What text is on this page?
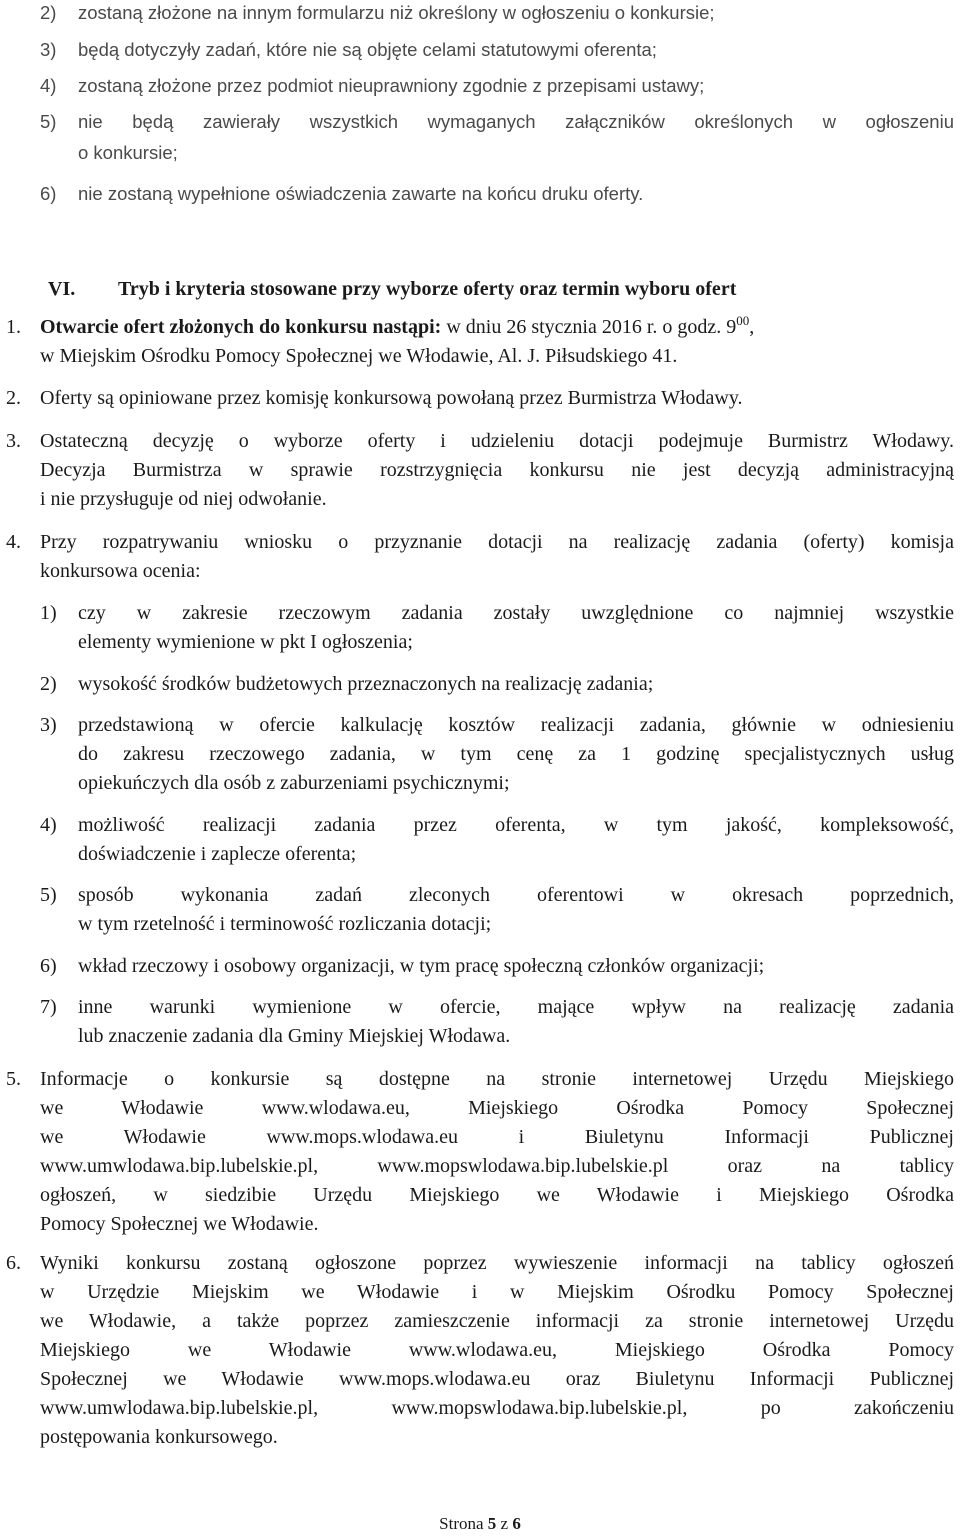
2) zostaną złożone na innym formularzu niż określony w ogłoszeniu o konkursie;
3) będą dotyczyły zadań, które nie są objęte celami statutowymi oferenta;
4) zostaną złożone przez podmiot nieuprawniony zgodnie z przepisami ustawy;
5) nie będą zawierały wszystkich wymaganych załączników określonych w ogłoszeniu
o konkursie;
6) nie zostaną wypełnione oświadczenia zawarte na końcu druku oferty.
VI. Tryb i kryteria stosowane przy wyborze oferty oraz termin wyboru ofert
1. Otwarcie ofert złożonych do konkursu nastąpi: w dniu 26 stycznia 2016 r. o godz. $9^{00}$,
w Miejskim Ośrodku Pomocy Społecznej we Włodawie, Al. J. Piłsudskiego 41.
2. Oferty są opiniowane przez komisję konkursową powołaną przez Burmistrza Włodawy.
3. Ostateczną decyzję o wyborze oferty i udzieleniu dotacji podejmuje Burmistrz Włodawy.
Decyzja Burmistrza w sprawie rozstrzygnięcia konkursu nie jest decyzją administracyjną
i nie przysługuje od niej odwołanie.
4. Przy rozpatrywaniu wniosku o przyznanie dotacji na realizację zadania (oferty) komisja
konkursowa ocenia:
1) czy w zakresie rzeczowym zadania zostały uwzględnione co najmniej wszystkie
elementy wymienione w pkt I ogłoszenia;
2) wysokość środków budżetowych przeznaczonych na realizację zadania;
3) przedstawioną w ofercie kalkulację kosztów realizacji zadania, głównie w odniesieniu
do zakresu rzeczowego zadania, w tym cenę za 1 godzinę specjalistycznych usług
opiekuńczych dla osób z zaburzeniami psychicznymi;
4) możliwość realizacji zadania przez oferenta, w tym jakość, kompleksowość,
doświadczenie i zaplecze oferenta;
5) sposób wykonania zadań zleconych oferentowi w okresach poprzednich,
w tym rzetelność i terminowość rozliczania dotacji;
6) wkład rzeczowy i osobowy organizacji, w tym pracę społeczną członków organizacji;
7) inne warunki wymienione w ofercie, mające wpływ na realizację zadania
lub znaczenie zadania dla Gminy Miejskiej Włodawa.
5. Informacje o konkursie są dostępne na stronie internetowej Urzędu Miejskiego
we Włodawie www.wlodawa.eu, Miejskiego Ośrodka Pomocy Społecznej
we Włodawie www.mops.wlodawa.eu i Biuletynu Informacji Publicznej
www.umwlodawa.bip.lubelskie.pl, www.mopswlodawa.bip.lubelskie.pl oraz na tablicy
ogłoszeń, w siedzibie Urzędu Miejskiego we Włodawie i Miejskiego Ośrodka
Pomocy Społecznej we Włodawie.
6. Wyniki konkursu zostaną ogłoszone poprzez wywieszenie informacji na tablicy ogłoszeń
w Urzędzie Miejskim we Włodawie i w Miejskim Ośrodku Pomocy Społecznej
we Włodawie, a także poprzez zamieszczenie informacji za stronie internetowej Urzędu
Miejskiego we Włodawie www.wlodawa.eu, Miejskiego Ośrodka Pomocy
Społecznej we Włodawie www.mops.wlodawa.eu oraz Biuletynu Informacji Publicznej
www.umwlodawa.bip.lubelskie.pl, www.mopswlodawa.bip.lubelskie.pl, po zakończeniu
postępowania konkursowego.
Strona 5 z 6
